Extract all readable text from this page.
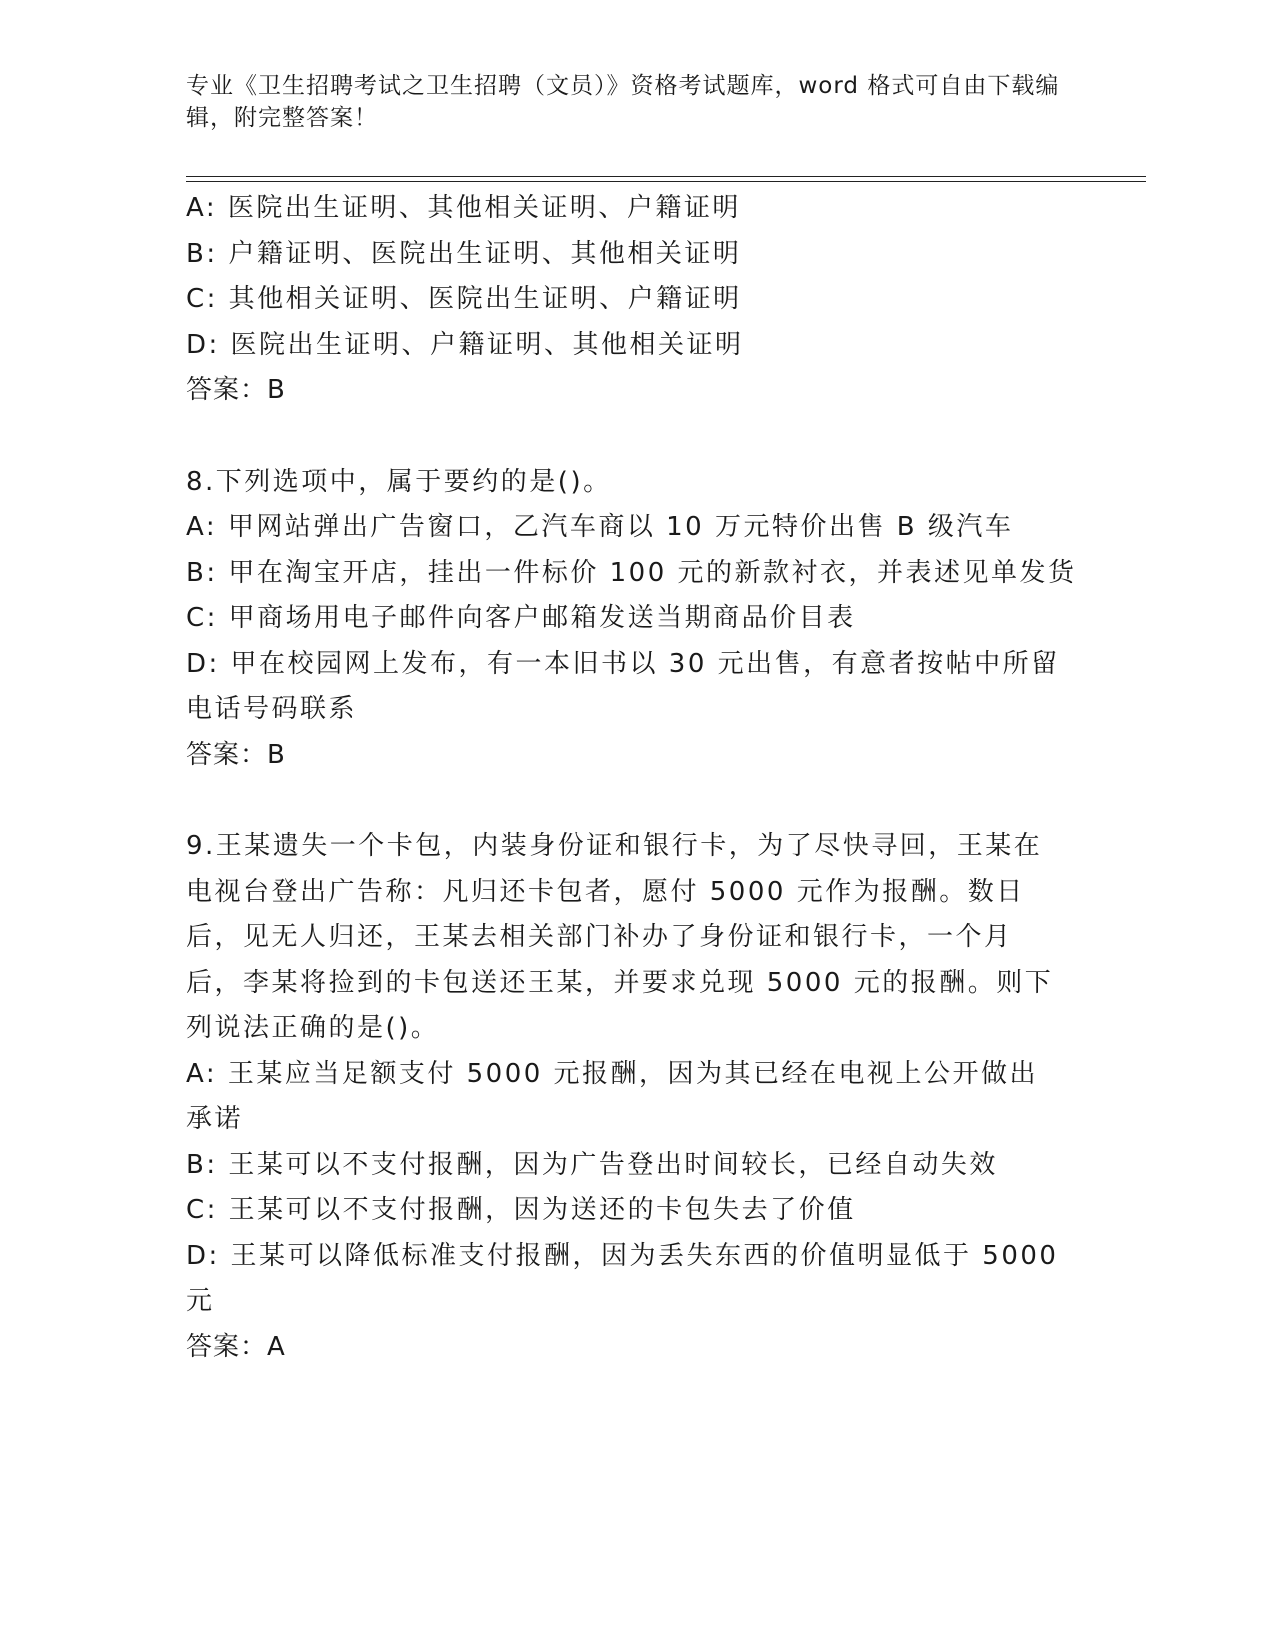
专业《卫生招聘考试之卫生招聘（文员）》资格考试题库，word 格式可自由下载编辑，附完整答案！
A: 医院出生证明、其他相关证明、户籍证明
B: 户籍证明、医院出生证明、其他相关证明
C: 其他相关证明、医院出生证明、户籍证明
D: 医院出生证明、户籍证明、其他相关证明
答案：B
8.下列选项中，属于要约的是()。
A: 甲网站弹出广告窗口，乙汽车商以 10 万元特价出售 B 级汽车
B: 甲在淘宝开店，挂出一件标价 100 元的新款衬衣，并表述见单发货
C: 甲商场用电子邮件向客户邮箱发送当期商品价目表
D: 甲在校园网上发布，有一本旧书以 30 元出售，有意者按帖中所留电话号码联系
答案：B
9.王某遗失一个卡包，内装身份证和银行卡，为了尽快寻回，王某在电视台登出广告称：凡归还卡包者，愿付 5000 元作为报酬。数日后，见无人归还，王某去相关部门补办了身份证和银行卡，一个月后，李某将捡到的卡包送还王某，并要求兑现 5000 元的报酬。则下列说法正确的是()。
A: 王某应当足额支付 5000 元报酬，因为其已经在电视上公开做出承诺
B: 王某可以不支付报酬，因为广告登出时间较长，已经自动失效
C: 王某可以不支付报酬，因为送还的卡包失去了价值
D: 王某可以降低标准支付报酬，因为丢失东西的价值明显低于 5000 元
答案：A
